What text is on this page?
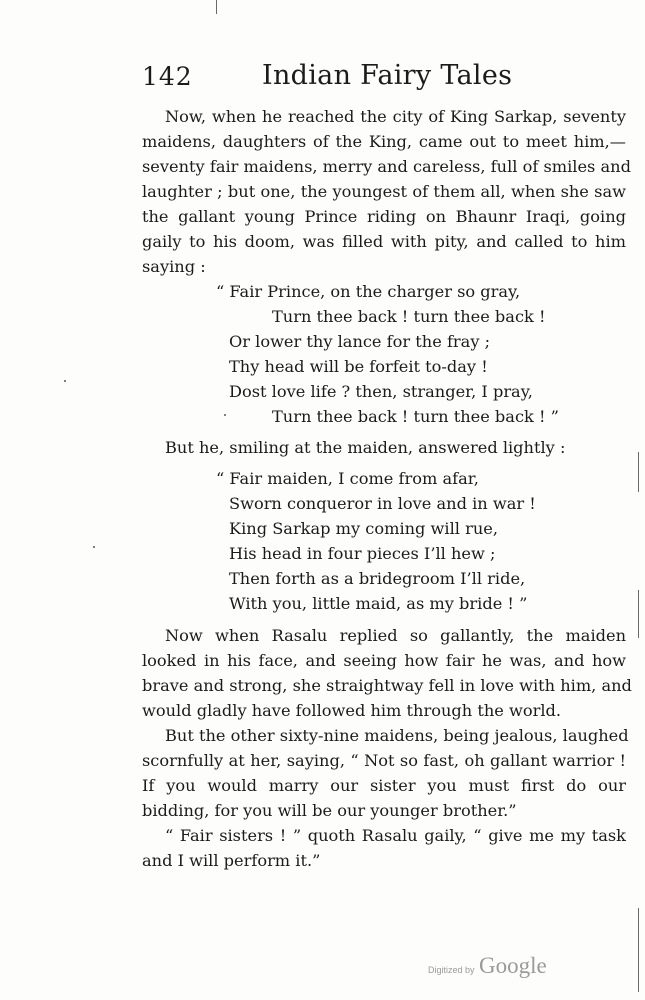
142	Indian Fairy Tales
Now, when he reached the city of King Sarkap, seventy
maidens, daughters of the King, came out to meet him,—
seventy fair maidens, merry and careless, full of smiles and
laughter ; but one, the youngest of them all, when she saw
the gallant young Prince riding on Bhaunr Iraqi, going
gaily to his doom, was filled with pity, and called to him
saying :
“ Fair Prince, on the charger so gray,
Turn thee back ! turn thee back !
Or lower thy lance for the fray ;
Thy head will be forfeit to-day !
Dost love life ? then, stranger, I pray,
Turn thee back ! turn thee back ! ”
But he, smiling at the maiden, answered lightly :
“ Fair maiden, I come from afar,
Sworn conqueror in love and in war !
King Sarkap my coming will rue,
His head in four pieces I’ll hew ;
Then forth as a bridegroom I’ll ride,
With you, little maid, as my bride ! ”
Now when Rasalu replied so gallantly, the maiden
looked in his face, and seeing how fair he was, and how
brave and strong, she straightway fell in love with him, and
would gladly have followed him through the world.
But the other sixty-nine maidens, being jealous, laughed
scornfully at her, saying, “ Not so fast, oh gallant warrior !
If you would marry our sister you must first do our
bidding, for you will be our younger brother.”
“ Fair sisters ! ” quoth Rasalu gaily, “ give me my task
and I will perform it.”
Digitized by Google
